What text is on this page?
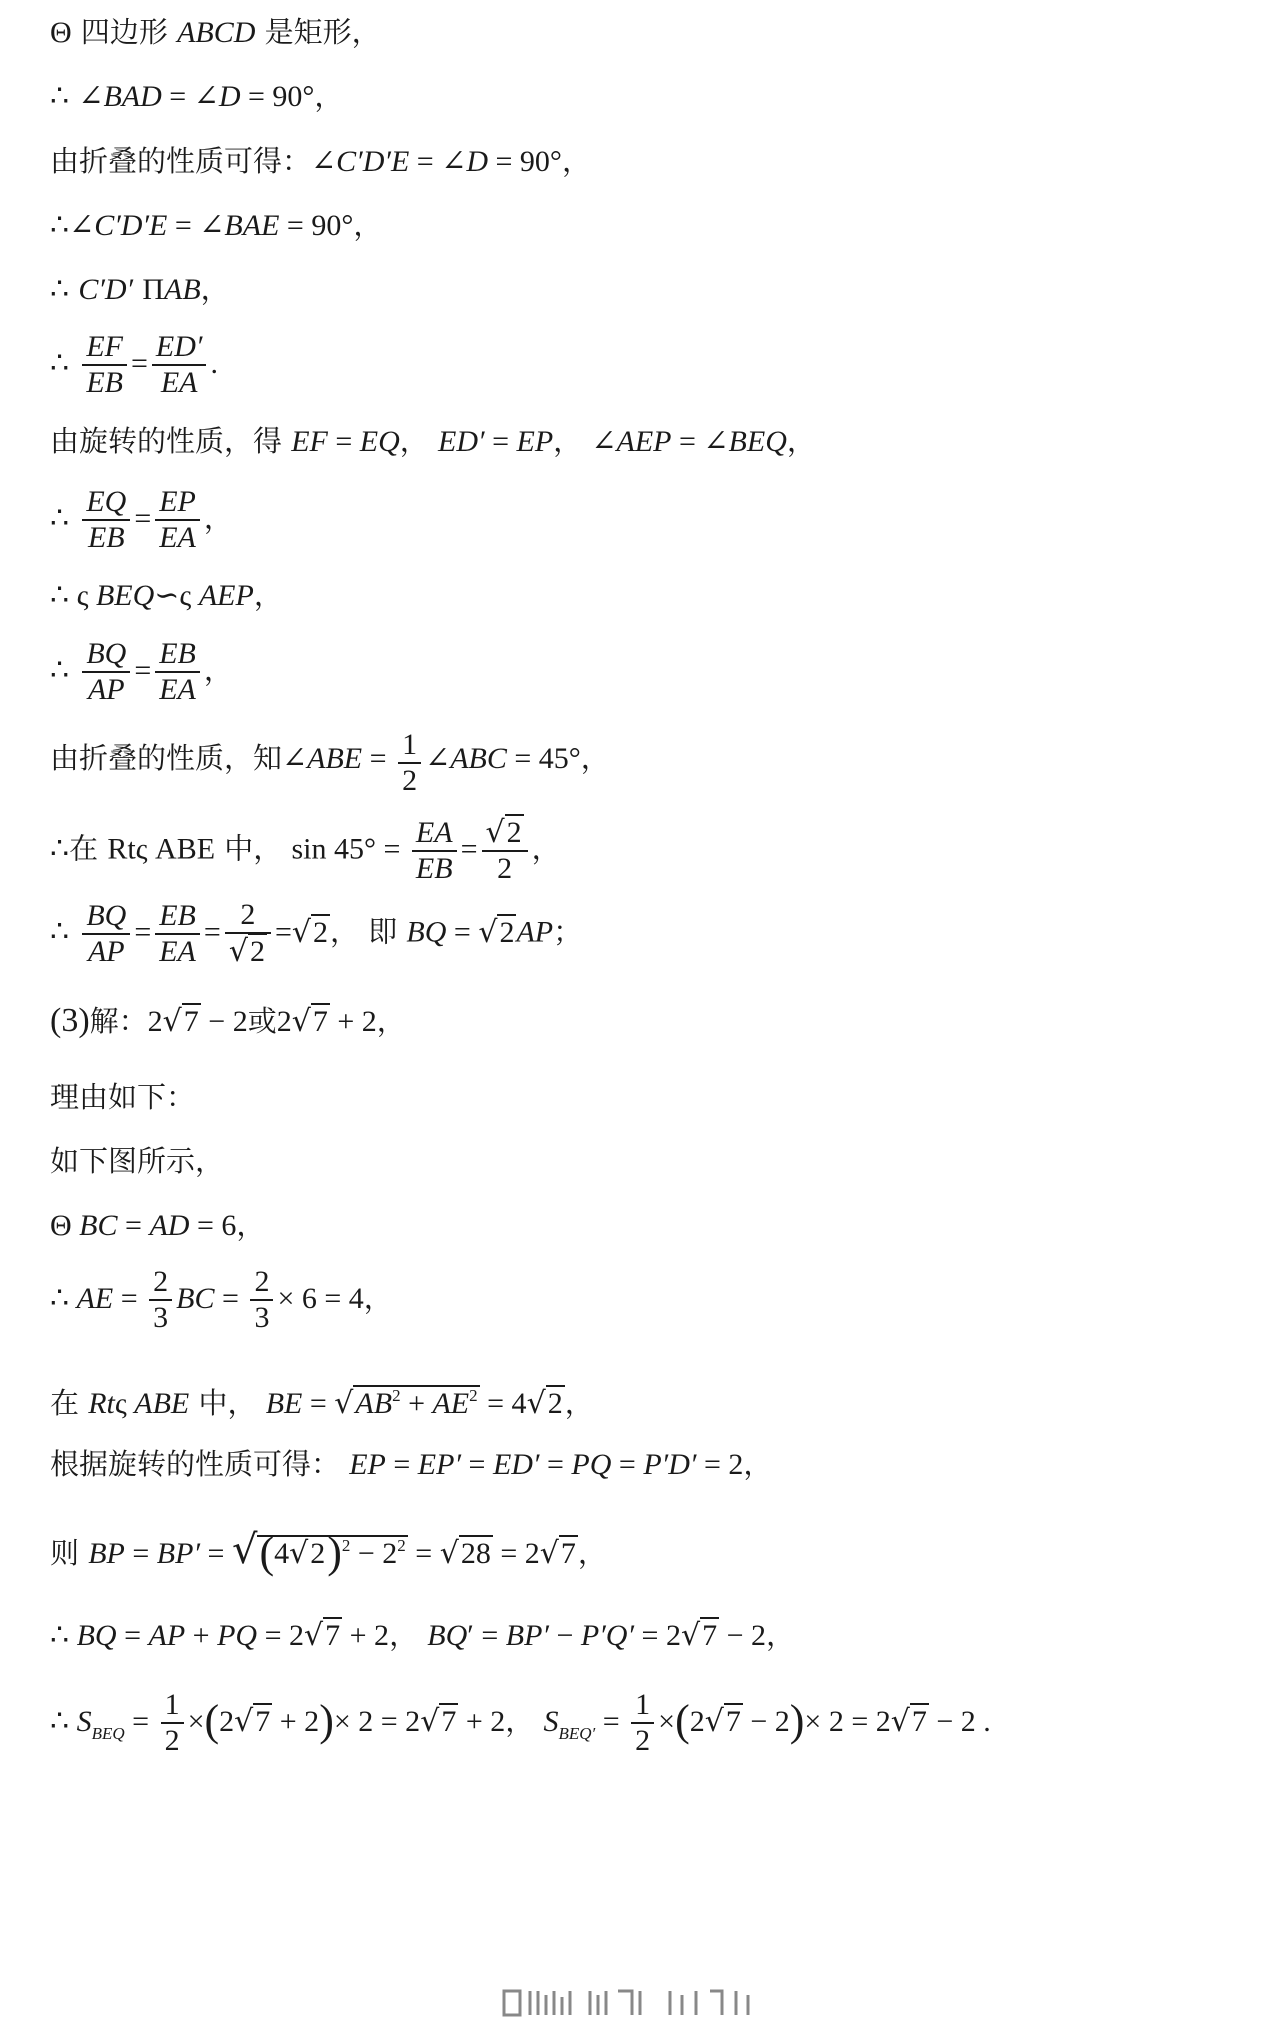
Θ 四边形 ABCD 是矩形，
∴ ∠BAD = ∠D = 90°，
由折叠的性质可得：∠C′D′E = ∠D = 90°，
∴∠C′D′E = ∠BAE = 90°，
∴ C′D′ ΠAB，
∴ $\frac{EF}{EB} = \frac{ED'}{EA}$ .
由旋转的性质，得 EF = EQ， ED′ = EP， ∠AEP = ∠BEQ，
∴ $\frac{EQ}{EB} = \frac{EP}{EA}$ ，
∴ ς BEQ∽ς AEP，
∴ $\frac{BQ}{AP} = \frac{EB}{EA}$ ，
由折叠的性质，知∠ABE = $\frac{1}{2}$ ∠ABC = 45°，
∴在 Rtς ABE 中， $\sin 45^\circ = \frac{EA}{EB} = \frac{√2}{2}$ ，
∴ $\frac{BQ}{AP} = \frac{EB}{EA} = \frac{2}{√2} =√2$， 即 BQ = √2AP；
(3)解：2√7 − 2或2√7 + 2，
理由如下：
如下图所示，
Θ BC = AD = 6，
∴ AE = $\frac{2}{3}$ BC = $\frac{2}{3} \times 6 = 4$，
在 Rtς ABE 中， BE = $√AB^2 + AE^2 = 4√2$，
根据旋转的性质可得： EP = EP′ = ED′ = PQ = P′D′ = 2，
则 BP = $BP' = √(4√2)^2 - 2^2 = √28 = 2√7$，
∴ BQ = AP + PQ = 2√7 + 2， BQ′ = BP′ − P′Q′ = 2√7 − 2，
∴ $S_{BEQ} = \frac{1}{2} \times(2√7 + 2)\times 2 = 2√7 + 2$， $S_{BEQ'} = \frac{1}{2} \times(2√7 - 2)\times 2 = 2√7 - 2$ .
